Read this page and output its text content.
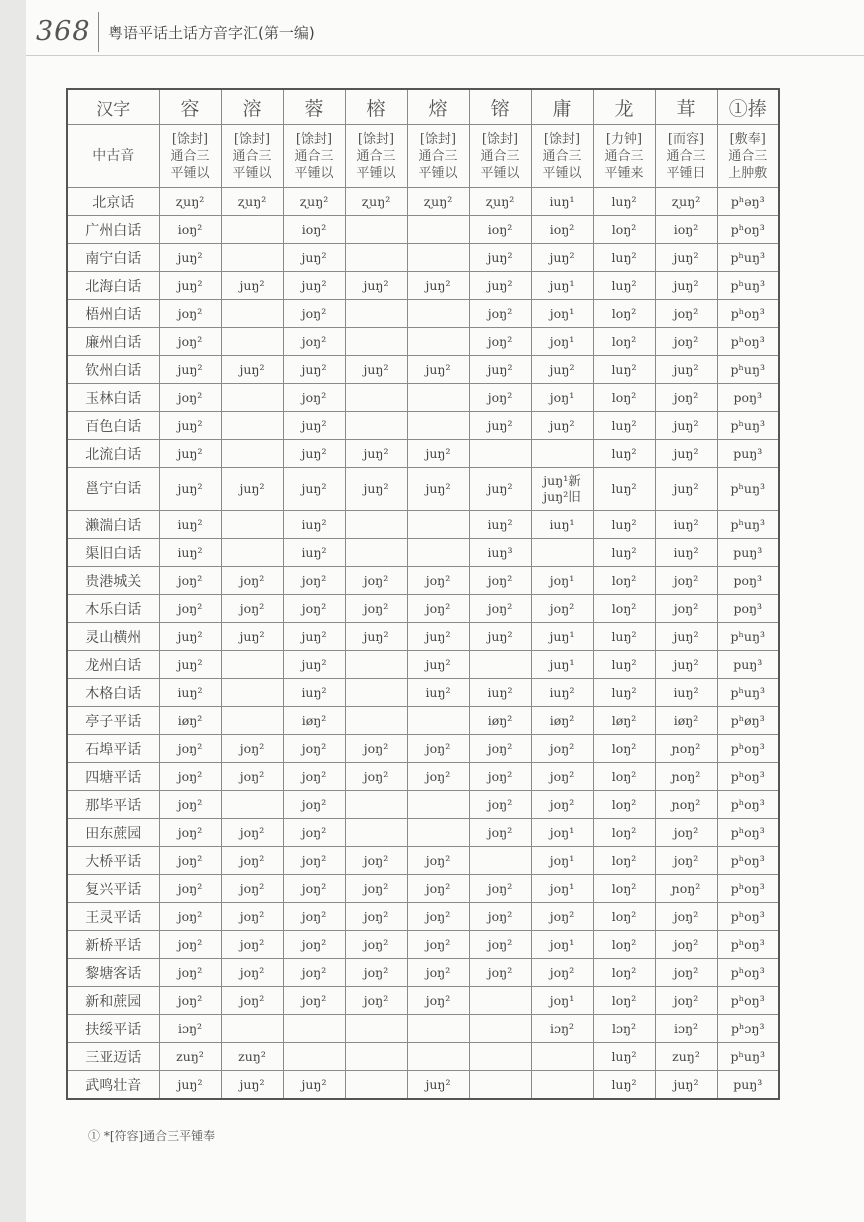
368 粤语平话土话方音字汇(第一编)
汉字	容	溶	蓉	榕	熔	镕	庸	龙	茸	①捧
中古音	[馀封]
通合三
平锺以	[馀封]
通合三
平锺以	[馀封]
通合三
平锺以	[馀封]
通合三
平锺以	[馀封]
通合三
平锺以	[馀封]
通合三
平锺以	[馀封]
通合三
平锺以	[力钟]
通合三
平锺来	[而容]
通合三
平锺日	[敷奉]
通合三
上肿敷
北京话	ʐuŋ²	ʐuŋ²	ʐuŋ²	ʐuŋ²	ʐuŋ²	ʐuŋ²	iuŋ¹	luŋ²	ʐuŋ²	pʰəŋ³
广州白话	ioŋ²		ioŋ²			ioŋ²	ioŋ²	loŋ²	ioŋ²	pʰoŋ³
南宁白话	juŋ²		juŋ²			juŋ²	juŋ²	luŋ²	juŋ²	pʰuŋ³
北海白话	juŋ²	juŋ²	juŋ²	juŋ²	juŋ²	juŋ²	juŋ¹	luŋ²	juŋ²	pʰuŋ³
梧州白话	joŋ²		joŋ²			joŋ²	joŋ¹	loŋ²	joŋ²	pʰoŋ³
廉州白话	joŋ²		joŋ²			joŋ²	joŋ¹	loŋ²	joŋ²	pʰoŋ³
钦州白话	juŋ²	juŋ²	juŋ²	juŋ²	juŋ²	juŋ²	juŋ²	luŋ²	juŋ²	pʰuŋ³
玉林白话	joŋ²		joŋ²			joŋ²	joŋ¹	loŋ²	joŋ²	poŋ³
百色白话	juŋ²		juŋ²			juŋ²	juŋ²	luŋ²	juŋ²	pʰuŋ³
北流白话	juŋ²		juŋ²	juŋ²	juŋ²			luŋ²	juŋ²	puŋ³
邕宁白话	juŋ²	juŋ²	juŋ²	juŋ²	juŋ²	juŋ²	juŋ¹新
juŋ²旧	luŋ²	juŋ²	pʰuŋ³
濑湍白话	iuŋ²		iuŋ²			iuŋ²	iuŋ¹	luŋ²	iuŋ²	pʰuŋ³
渠旧白话	iuŋ²		iuŋ²			iuŋ³		luŋ²	iuŋ²	puŋ³
贵港城关	joŋ²	joŋ²	joŋ²	joŋ²	joŋ²	joŋ²	joŋ¹	loŋ²	joŋ²	poŋ³
木乐白话	joŋ²	joŋ²	joŋ²	joŋ²	joŋ²	joŋ²	joŋ²	loŋ²	joŋ²	poŋ³
灵山横州	juŋ²	juŋ²	juŋ²	juŋ²	juŋ²	juŋ²	juŋ¹	luŋ²	juŋ²	pʰuŋ³
龙州白话	juŋ²		juŋ²		juŋ²		juŋ¹	luŋ²	juŋ²	puŋ³
木格白话	iuŋ²		iuŋ²		iuŋ²	iuŋ²	iuŋ²	luŋ²	iuŋ²	pʰuŋ³
亭子平话	iøŋ²		iøŋ²			iøŋ²	iøŋ²	løŋ²	iøŋ²	pʰøŋ³
石埠平话	joŋ²	joŋ²	joŋ²	joŋ²	joŋ²	joŋ²	joŋ²	loŋ²	ɲoŋ²	pʰoŋ³
四塘平话	joŋ²	joŋ²	joŋ²	joŋ²	joŋ²	joŋ²	joŋ²	loŋ²	ɲoŋ²	pʰoŋ³
那毕平话	joŋ²		joŋ²			joŋ²	joŋ²	loŋ²	ɲoŋ²	pʰoŋ³
田东蔗园	joŋ²	joŋ²	joŋ²			joŋ²	joŋ¹	loŋ²	joŋ²	pʰoŋ³
大桥平话	joŋ²	joŋ²	joŋ²	joŋ²	joŋ²		joŋ¹	loŋ²	joŋ²	pʰoŋ³
复兴平话	joŋ²	joŋ²	joŋ²	joŋ²	joŋ²	joŋ²	joŋ¹	loŋ²	ɲoŋ²	pʰoŋ³
王灵平话	joŋ²	joŋ²	joŋ²	joŋ²	joŋ²	joŋ²	joŋ²	loŋ²	joŋ²	pʰoŋ³
新桥平话	joŋ²	joŋ²	joŋ²	joŋ²	joŋ²	joŋ²	joŋ¹	loŋ²	joŋ²	pʰoŋ³
黎塘客话	joŋ²	joŋ²	joŋ²	joŋ²	joŋ²	joŋ²	joŋ²	loŋ²	joŋ²	pʰoŋ³
新和蔗园	joŋ²	joŋ²	joŋ²	joŋ²	joŋ²		joŋ¹	loŋ²	joŋ²	pʰoŋ³
扶绥平话	iɔŋ²						iɔŋ²	lɔŋ²	iɔŋ²	pʰɔŋ³
三亚迈话	zuŋ²	zuŋ²						luŋ²	zuŋ²	pʰuŋ³
武鸣壮音	juŋ²	juŋ²	juŋ²		juŋ²			luŋ²	juŋ²	puŋ³
① *[符容]通合三平锺奉
